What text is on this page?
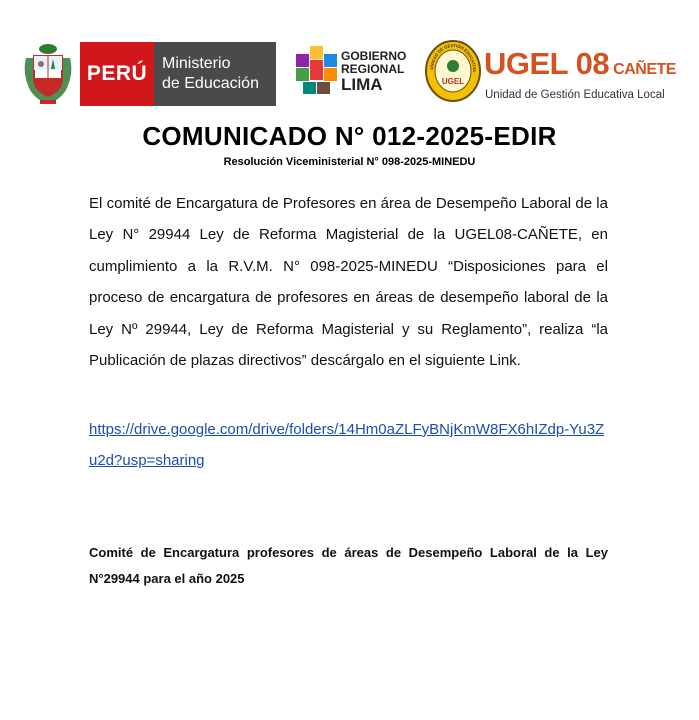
PERÚ Ministerio
de Educación
GOBIERNO
REGIONAL
LIMA
UNIDAD DE GESTIÓN EDUCATIVA
UGEL
UGEL 08 CAÑETE
Unidad de Gestión Educativa Local
COMUNICADO N° 012-2025-EDIR
Resolución Viceministerial N° 098-2025-MINEDU
El comité de Encargatura de Profesores en área de Desempeño Laboral de la Ley N° 29944 Ley de Reforma Magisterial de la UGEL08-CAÑETE, en cumplimiento a la R.V.M. N° 098-2025-MINEDU “Disposiciones para el proceso de encargatura de profesores en áreas de desempeño laboral de la Ley Nº 29944, Ley de Reforma Magisterial y su Reglamento”, realiza “la Publicación de plazas directivos” descárgalo en el siguiente Link.
https://drive.google.com/drive/folders/14Hm0aZLFyBNjKmW8FX6hIZdp-Yu3Zu2d?usp=sharing
Comité de Encargatura profesores de áreas de Desempeño Laboral de la Ley N°29944 para el año 2025
